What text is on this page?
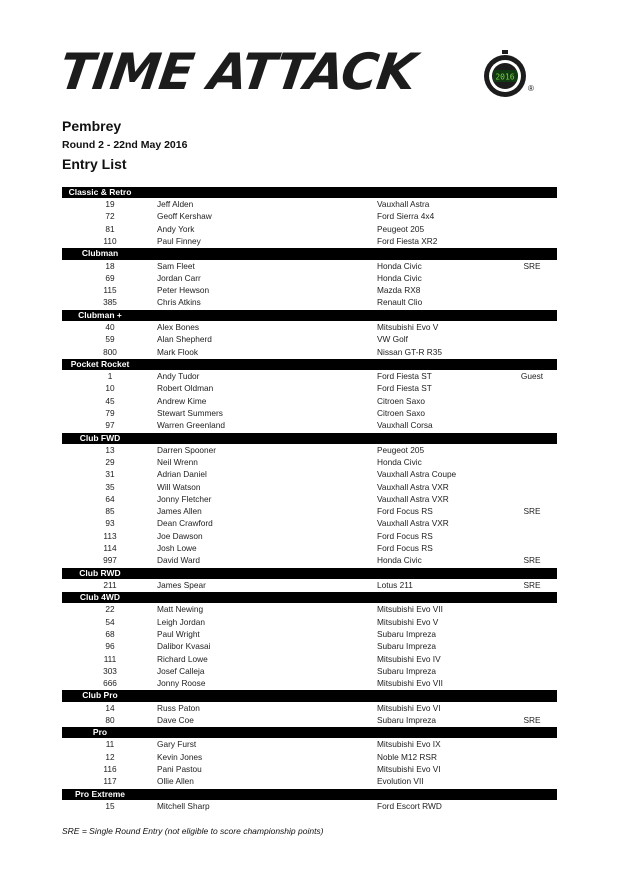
TIME ATTACK	2016
®
Pembrey
Round 2 - 22nd May 2016
Entry List
Classic & Retro
19	Jeff Alden	Vauxhall Astra
72	Geoff Kershaw	Ford Sierra 4x4
81	Andy York	Peugeot 205
110	Paul Finney	Ford Fiesta XR2
Clubman
18	Sam Fleet	Honda Civic	SRE
69	Jordan Carr	Honda Civic
115	Peter Hewson	Mazda RX8
385	Chris Atkins	Renault Clio
Clubman +
40	Alex Bones	Mitsubishi Evo V
59	Alan Shepherd	VW Golf
800	Mark Flook	Nissan GT-R R35
Pocket Rocket
1	Andy Tudor	Ford Fiesta ST	Guest
10	Robert Oldman	Ford Fiesta ST
45	Andrew Kime	Citroen Saxo
79	Stewart Summers	Citroen Saxo
97	Warren Greenland	Vauxhall Corsa
Club FWD
13	Darren Spooner	Peugeot 205
29	Neil Wrenn	Honda Civic
31	Adrian Daniel	Vauxhall Astra Coupe
35	Will Watson	Vauxhall Astra VXR
64	Jonny Fletcher	Vauxhall Astra VXR
85	James Allen	Ford Focus RS	SRE
93	Dean Crawford	Vauxhall Astra VXR
113	Joe Dawson	Ford Focus RS
114	Josh Lowe	Ford Focus RS
997	David Ward	Honda Civic	SRE
Club RWD
211	James Spear	Lotus 211	SRE
Club 4WD
22	Matt Newing	Mitsubishi Evo VII
54	Leigh Jordan	Mitsubishi Evo V
68	Paul Wright	Subaru Impreza
96	Dalibor Kvasai	Subaru Impreza
111	Richard Lowe	Mitsubishi Evo IV
303	Josef Calleja	Subaru Impreza
666	Jonny Roose	Mitsubishi Evo VII
Club Pro
14	Russ Paton	Mitsubishi Evo VI
80	Dave Coe	Subaru Impreza	SRE
Pro
11	Gary Furst	Mitsubishi Evo IX
12	Kevin Jones	Noble M12 RSR
116	Pani Pastou	Mitsubishi Evo VI
117	Ollie Allen	Evolution VII
Pro Extreme
15	Mitchell Sharp	Ford Escort RWD
SRE = Single Round Entry (not eligible to score championship points)
